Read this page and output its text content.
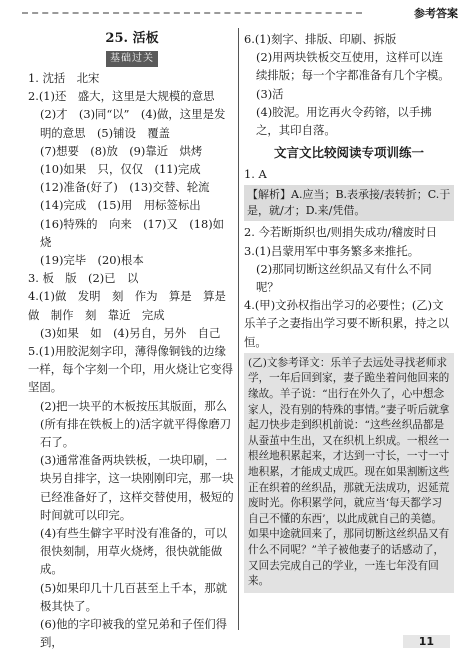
参考答案
25. 活板
基础过关
1. 沈括　北宋
2.(1)还　盛大，这里是大规模的意思
(2)才　(3)同“以”　(4)做，这里是发明的意思　(5)铺设　覆盖
(7)想要　(8)放　(9)靠近　烘烤
(10)如果　只，仅仅　(11)完成
(12)准备(好了)　(13)交替、轮流
(14)完成　(15)用　用标签标出
(16)特殊的　向来　(17)又　(18)如　烧
(19)完毕　(20)根本
3. 板　版　(2)已　以
4.(1)做　发明　刻　作为　算是　算是　做　制作　刻　靠近　完成
(3)如果　如　(4)另自，另外　自己
5.(1)用胶泥刻字印，薄得像铜钱的边缘一样，每个字刻一个印，用火烧让它变得坚固。
(2)把一块平的木板按压其版面，那么(所有排在铁板上的)活字就平得像磨刀石了。
(3)通常准备两块铁板，一块印刷，一块另自排字，这一块刚刚印完，那一块已经准备好了，这样交替使用，极短的时间就可以印完。
(4)有些生僻字平时没有准备的，可以很快刻制，用草火烧烤，很快就能做成。
(5)如果印几十几百甚至上千本，那就极其快了。
(6)他的字印被我的堂兄弟和子侄们得到，
6.(1)刻字、排版、印刷、拆版
(2)用两块铁板交互使用，这样可以连续排版；每一个字都准备有几个字模。
(3)活
(4)胶泥。用讫再火令药镕，以手拂之，其印自落。
文言文比较阅读专项训练一
1. A
【解析】A.应当；B.表承接/表转折；C.于是，就/才；D.来/凭借。
2. 今若断斯织也/则捐失成功/稽废时日
3.(1)吕蒙用军中事务繁多来推托。
(2)那同切断这丝织品又有什么不同呢？
4.(甲)文孙权指出学习的必要性；(乙)文乐羊子之妻指出学习要不断积累，持之以恒。
(乙)文参考译文：乐羊子去远处寻找老师求学，一年后回到家，妻子跪坐着问他回来的缘故。羊子说：“出行在外久了，心中想念家人，没有别的特殊的事情。”妻子听后就拿起刀快步走到织机前说：“这些丝织品都是从蚕茧中生出，又在织机上织成。一根丝一根丝地积累起来，才达到一寸长，一寸一寸地积累，才能成丈成匹。现在如果割断这些正在织着的丝织品，那就无法成功，迟延荒废时光。你积累学问，就应当‘每天都学习自己不懂的东西’，以此成就自己的美德。如果中途就回来了，那同切断这丝织品又有什么不同呢？”羊子被他妻子的话感动了，又回去完成自己的学业，一连七年没有回来。
11
